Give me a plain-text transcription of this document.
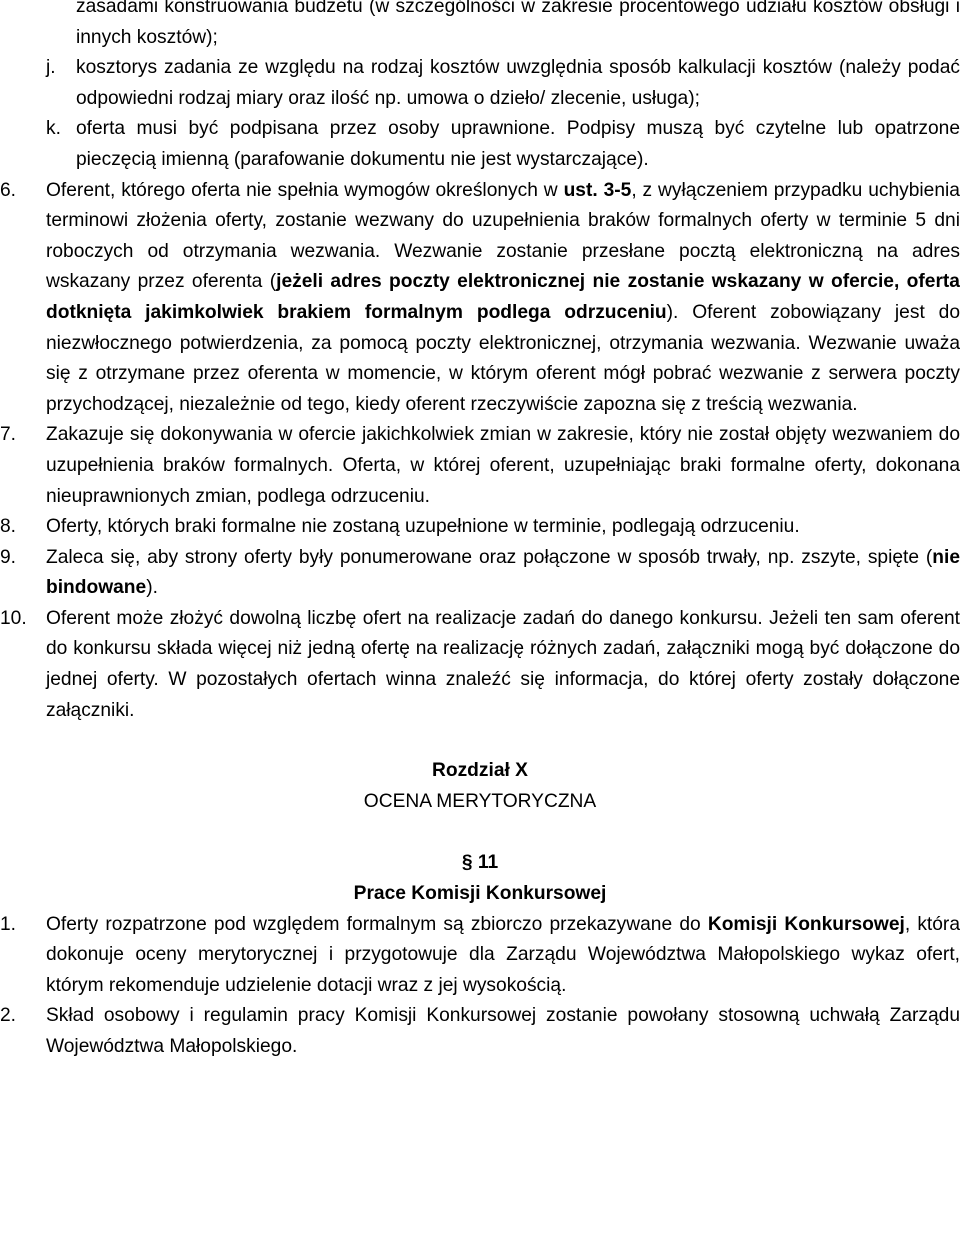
zasadami konstruowania budżetu (w szczególności w zakresie procentowego udziału kosztów obsługi i innych kosztów);
j. kosztorys zadania ze względu na rodzaj kosztów uwzględnia sposób kalkulacji kosztów (należy podać odpowiedni rodzaj miary oraz ilość np. umowa o dzieło/ zlecenie, usługa);
k. oferta musi być podpisana przez osoby uprawnione. Podpisy muszą być czytelne lub opatrzone pieczęcią imienną (parafowanie dokumentu nie jest wystarczające).
6. Oferent, którego oferta nie spełnia wymogów określonych w ust. 3-5, z wyłączeniem przypadku uchybienia terminowi złożenia oferty, zostanie wezwany do uzupełnienia braków formalnych oferty w terminie 5 dni roboczych od otrzymania wezwania. Wezwanie zostanie przesłane pocztą elektroniczną na adres wskazany przez oferenta (jeżeli adres poczty elektronicznej nie zostanie wskazany w ofercie, oferta dotknięta jakimkolwiek brakiem formalnym podlega odrzuceniu). Oferent zobowiązany jest do niezwłocznego potwierdzenia, za pomocą poczty elektronicznej, otrzymania wezwania. Wezwanie uważa się z otrzymane przez oferenta w momencie, w którym oferent mógł pobrać wezwanie z serwera poczty przychodzącej, niezależnie od tego, kiedy oferent rzeczywiście zapozna się z treścią wezwania.
7. Zakazuje się dokonywania w ofercie jakichkolwiek zmian w zakresie, który nie został objęty wezwaniem do uzupełnienia braków formalnych. Oferta, w której oferent, uzupełniając braki formalne oferty, dokonana nieuprawnionych zmian, podlega odrzuceniu.
8. Oferty, których braki formalne nie zostaną uzupełnione w terminie, podlegają odrzuceniu.
9. Zaleca się, aby strony oferty były ponumerowane oraz połączone w sposób trwały, np. zszyte, spięte (nie bindowane).
10. Oferent może złożyć dowolną liczbę ofert na realizacje zadań do danego konkursu. Jeżeli ten sam oferent do konkursu składa więcej niż jedną ofertę na realizację różnych zadań, załączniki mogą być dołączone do jednej oferty. W pozostałych ofertach winna znaleźć się informacja, do której oferty zostały dołączone załączniki.
Rozdział X
OCENA MERYTORYCZNA
§ 11
Prace Komisji Konkursowej
1. Oferty rozpatrzone pod względem formalnym są zbiorczo przekazywane do Komisji Konkursowej, która dokonuje oceny merytorycznej i przygotowuje dla Zarządu Województwa Małopolskiego wykaz ofert, którym rekomenduje udzielenie dotacji wraz z jej wysokością.
2. Skład osobowy i regulamin pracy Komisji Konkursowej zostanie powołany stosowną uchwałą Zarządu Województwa Małopolskiego.
